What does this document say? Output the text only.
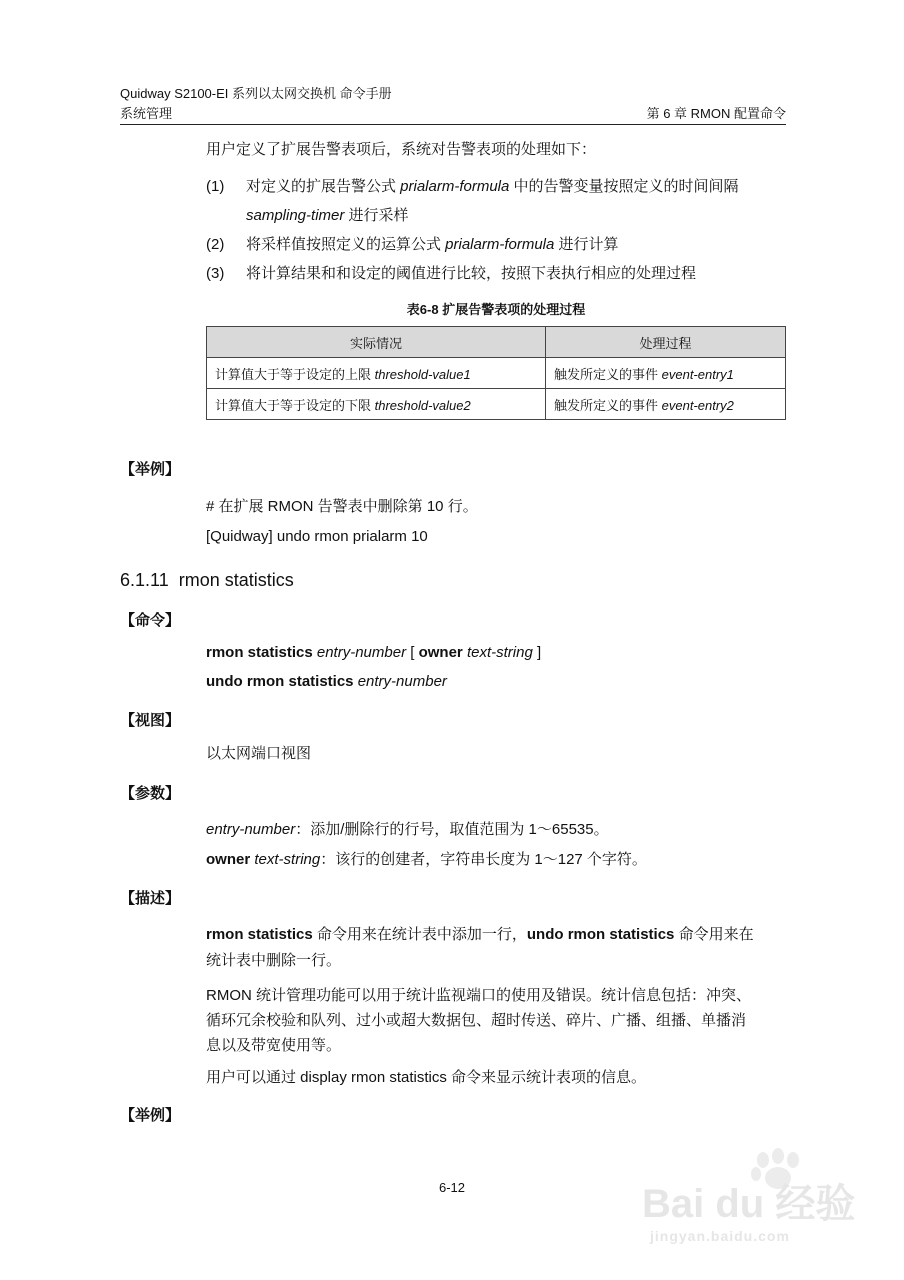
Quidway S2100-EI 系列以太网交换机 命令手册
系统管理	第 6 章 RMON 配置命令
用户定义了扩展告警表项后，系统对告警表项的处理如下：
(1) 对定义的扩展告警公式 prialarm-formula 中的告警变量按照定义的时间间隔
sampling-timer 进行采样
(2) 将采样值按照定义的运算公式 prialarm-formula 进行计算
(3) 将计算结果和和设定的阈值进行比较，按照下表执行相应的处理过程
表6-8 扩展告警表项的处理过程
实际情况	处理过程
计算值大于等于设定的上限 threshold-value1	触发所定义的事件 event-entry1
计算值大于等于设定的下限 threshold-value2	触发所定义的事件 event-entry2
【举例】
# 在扩展 RMON 告警表中删除第 10 行。
[Quidway] undo rmon prialarm 10
6.1.11 rmon statistics
【命令】
rmon statistics entry-number [ owner text-string ]
undo rmon statistics entry-number
【视图】
以太网端口视图
【参数】
entry-number：添加/删除行的行号，取值范围为 1～65535。
owner text-string：该行的创建者，字符串长度为 1～127 个字符。
【描述】
rmon statistics 命令用来在统计表中添加一行，undo rmon statistics 命令用来在
统计表中删除一行。
RMON 统计管理功能可以用于统计监视端口的使用及错误。统计信息包括：冲突、
循环冗余校验和队列、过小或超大数据包、超时传送、碎片、广播、组播、单播消
息以及带宽使用等。
用户可以通过 display rmon statistics 命令来显示统计表项的信息。
【举例】
6-12	Bai du 经验
jingyan.baidu.com
